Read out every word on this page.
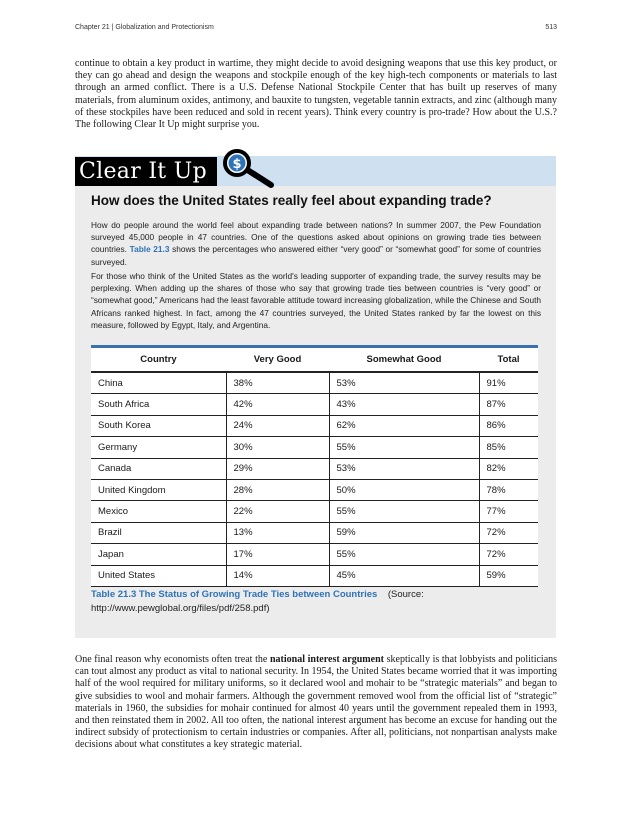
Chapter 21 | Globalization and Protectionism	513

continue to obtain a key product in wartime, they might decide to avoid designing weapons that use this key product, or they can go ahead and design the weapons and stockpile enough of the key high-tech components or materials to last through an armed conflict. There is a U.S. Defense National Stockpile Center that has built up reserves of many materials, from aluminum oxides, antimony, and bauxite to tungsten, vegetable tannin extracts, and zinc (although many of these stockpiles have been reduced and sold in recent years). Think every country is pro-trade? How about the U.S.? The following Clear It Up might surprise you.

Clear It Up	$
How does the United States really feel about expanding trade?

How do people around the world feel about expanding trade between nations? In summer 2007, the Pew Foundation surveyed 45,000 people in 47 countries. One of the questions asked about opinions on growing trade ties between countries. Table 21.3 shows the percentages who answered either “very good” or “somewhat good” for some of countries surveyed.

For those who think of the United States as the world's leading supporter of expanding trade, the survey results may be perplexing. When adding up the shares of those who say that growing trade ties between countries is “very good” or “somewhat good,” Americans had the least favorable attitude toward increasing globalization, while the Chinese and South Africans ranked highest. In fact, among the 47 countries surveyed, the United States ranked by far the lowest on this measure, followed by Egypt, Italy, and Argentina.

Country	Very Good	Somewhat Good	Total
China	38%	53%	91%
South Africa	42%	43%	87%
South Korea	24%	62%	86%
Germany	30%	55%	85%
Canada	29%	53%	82%
United Kingdom	28%	50%	78%
Mexico	22%	55%	77%
Brazil	13%	59%	72%
Japan	17%	55%	72%
United States	14%	45%	59%
Table 21.3 The Status of Growing Trade Ties between Countries (Source: http://www.pewglobal.org/files/pdf/258.pdf)

One final reason why economists often treat the national interest argument skeptically is that lobbyists and politicians can tout almost any product as vital to national security. In 1954, the United States became worried that it was importing half of the wool required for military uniforms, so it declared wool and mohair to be “strategic materials” and began to give subsidies to wool and mohair farmers. Although the government removed wool from the official list of “strategic” materials in 1960, the subsidies for mohair continued for almost 40 years until the government repealed them in 1993, and then reinstated them in 2002. All too often, the national interest argument has become an excuse for handing out the indirect subsidy of protectionism to certain industries or companies. After all, politicians, not nonpartisan analysts make decisions about what constitutes a key strategic material.
